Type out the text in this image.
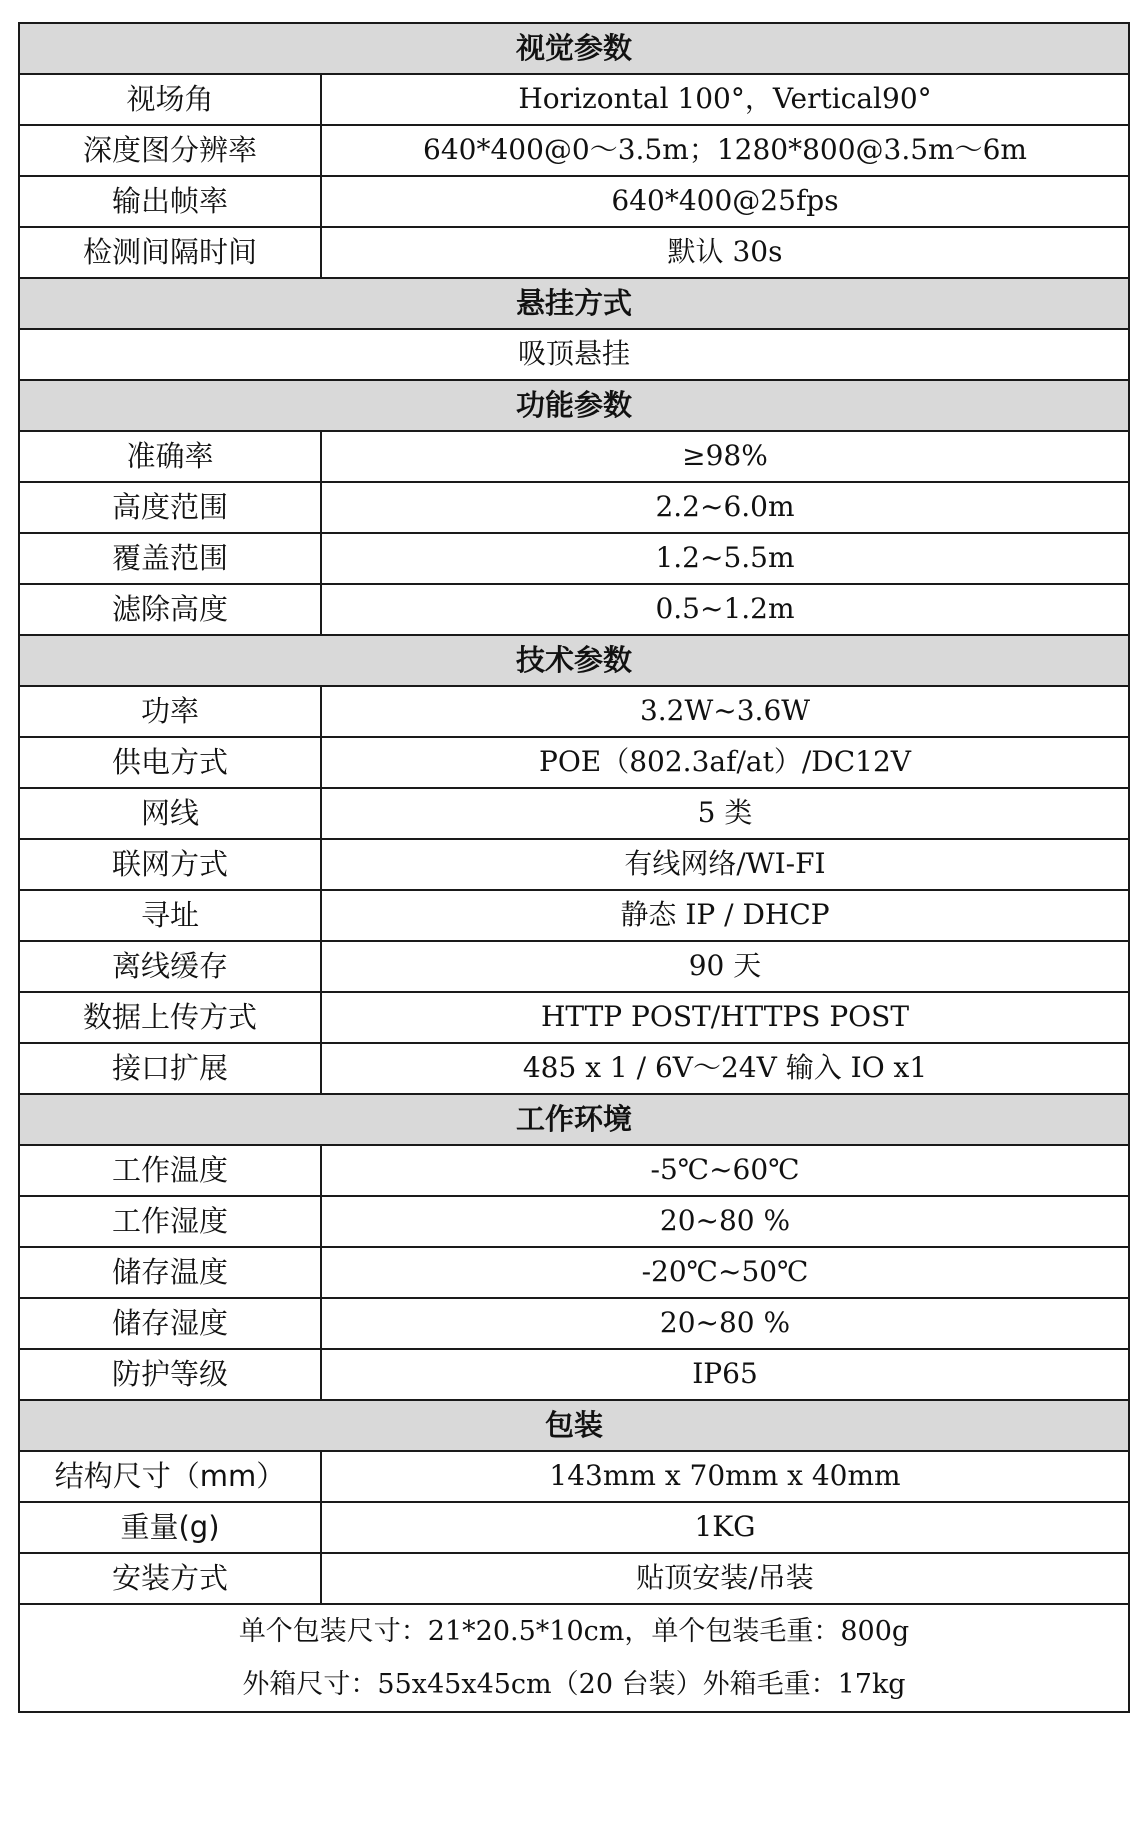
视觉参数	
视场角	Horizontal 100°，Vertical90°
深度图分辨率	640*400@0～3.5m；1280*800@3.5m～6m
输出帧率	640*400@25fps
检测间隔时间	默认 30s
悬挂方式	
吸顶悬挂	
功能参数	
准确率	≥98%
高度范围	2.2~6.0m
覆盖范围	1.2~5.5m
滤除高度	0.5~1.2m
技术参数	
功率	3.2W~3.6W
供电方式	POE（802.3af/at）/DC12V
网线	5 类
联网方式	有线网络/WI-FI
寻址	静态 IP / DHCP
离线缓存	90 天
数据上传方式	HTTP POST/HTTPS POST
接口扩展	485 x 1 / 6V～24V 输入 IO x1
工作环境	
工作温度	-5℃~60℃
工作湿度	20~80 %
储存温度	-20℃~50℃
储存湿度	20~80 %
防护等级	IP65
包装	
结构尺寸（mm）	143mm x 70mm x 40mm
重量(g)	1KG
安装方式	贴顶安装/吊装

单个包装尺寸：21*20.5*10cm，单个包装毛重：800g
外箱尺寸：55x45x45cm（20 台装）外箱毛重：17kg	
